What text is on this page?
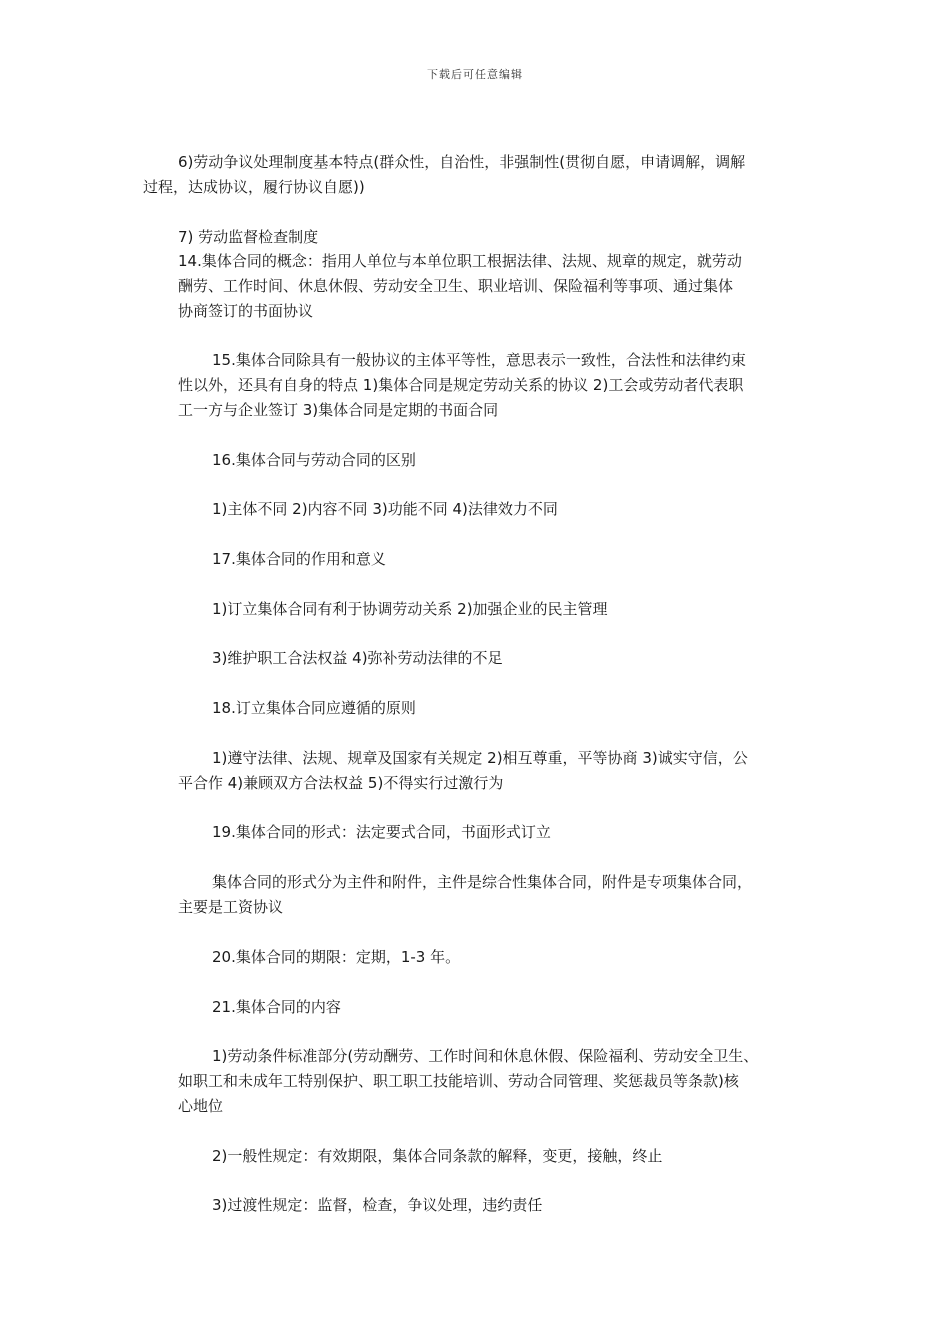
下载后可任意编辑
6)劳动争议处理制度基本特点(群众性，自治性，非强制性(贯彻自愿，申请调解，调解
过程，达成协议，履行协议自愿))
7) 劳动监督检查制度
14.集体合同的概念：指用人单位与本单位职工根据法律、法规、规章的规定，就劳动
酬劳、工作时间、休息休假、劳动安全卫生、职业培训、保险福利等事项、通过集体
协商签订的书面协议
15.集体合同除具有一般协议的主体平等性，意思表示一致性，合法性和法律约束
性以外，还具有自身的特点 1)集体合同是规定劳动关系的协议 2)工会或劳动者代表职
工一方与企业签订 3)集体合同是定期的书面合同
16.集体合同与劳动合同的区别
1)主体不同 2)内容不同 3)功能不同 4)法律效力不同
17.集体合同的作用和意义
1)订立集体合同有利于协调劳动关系 2)加强企业的民主管理
3)维护职工合法权益 4)弥补劳动法律的不足
18.订立集体合同应遵循的原则
1)遵守法律、法规、规章及国家有关规定 2)相互尊重，平等协商 3)诚实守信，公
平合作 4)兼顾双方合法权益 5)不得实行过激行为
19.集体合同的形式：法定要式合同，书面形式订立
集体合同的形式分为主件和附件，主件是综合性集体合同，附件是专项集体合同，
主要是工资协议
20.集体合同的期限：定期，1-3 年。
21.集体合同的内容
1)劳动条件标准部分(劳动酬劳、工作时间和休息休假、保险福利、劳动安全卫生、
如职工和未成年工特别保护、职工职工技能培训、劳动合同管理、奖惩裁员等条款)核
心地位
2)一般性规定：有效期限，集体合同条款的解释，变更，接触，终止
3)过渡性规定：监督，检查，争议处理，违约责任
